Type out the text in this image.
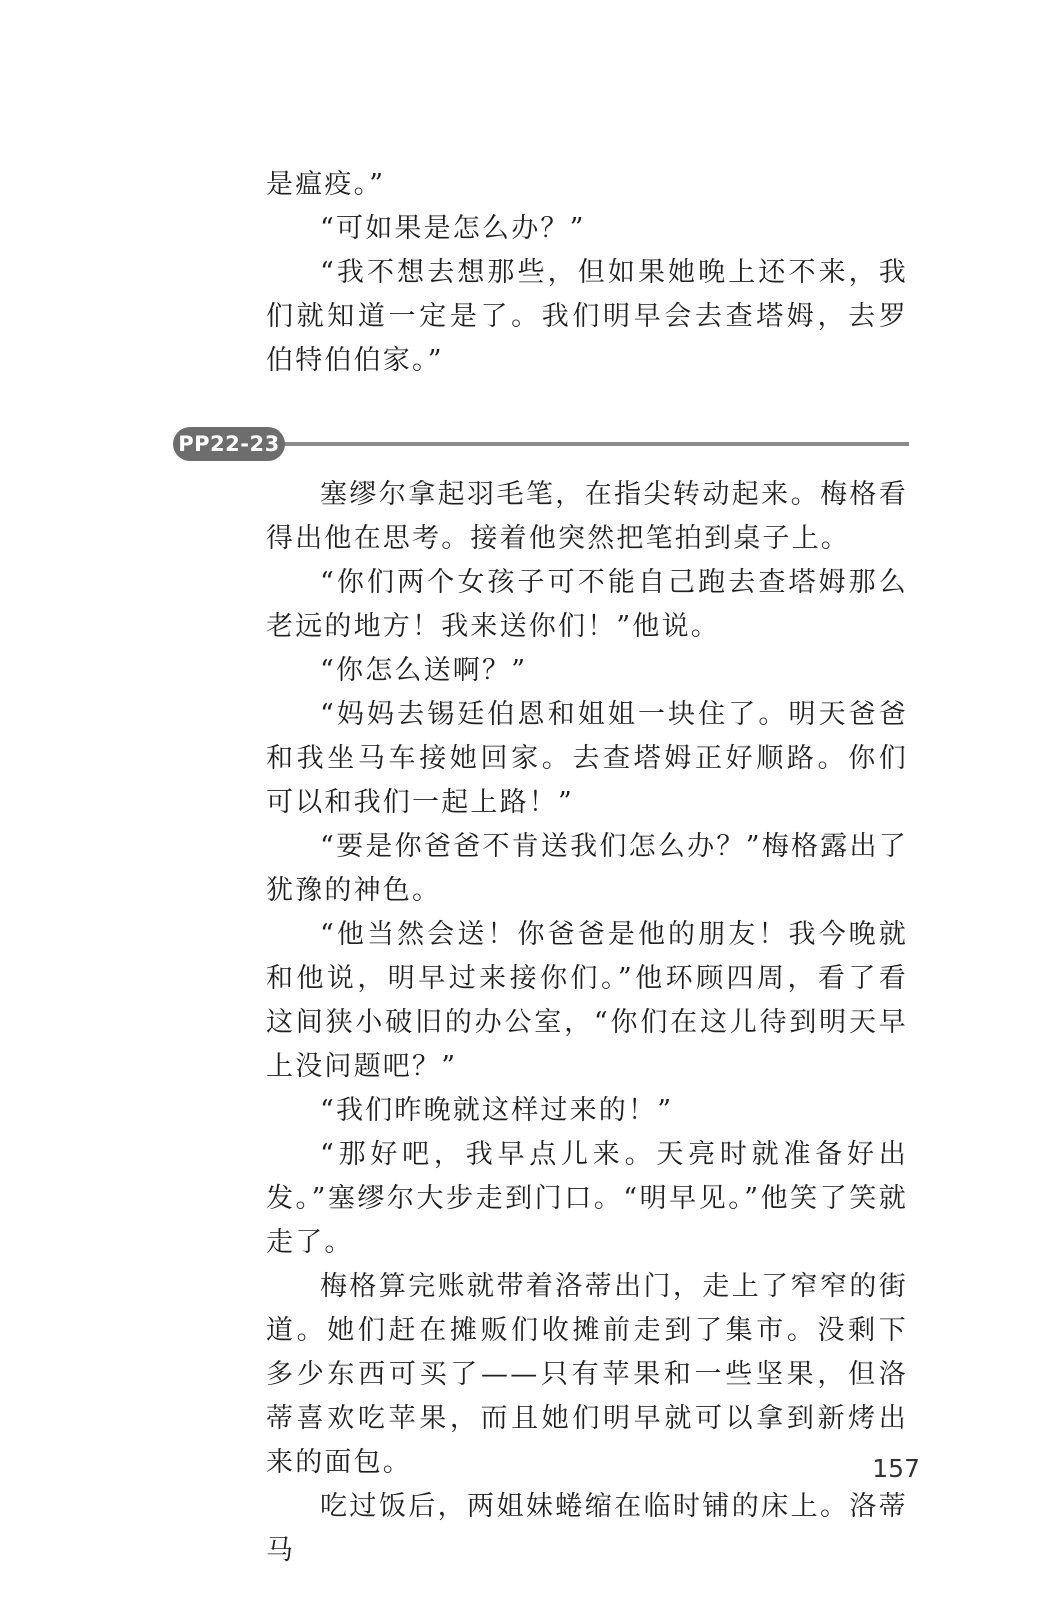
是瘟疫。”

“可如果是怎么办？”

“我不想去想那些，但如果她晚上还不来，我们就知道一定是了。我们明早会去查塔姆，去罗伯特伯伯家。”

PP22-23

塞缪尔拿起羽毛笔，在指尖转动起来。梅格看得出他在思考。接着他突然把笔拍到桌子上。

“你们两个女孩子可不能自己跑去查塔姆那么老远的地方！我来送你们！”他说。

“你怎么送啊？”

“妈妈去锡廷伯恩和姐姐一块住了。明天爸爸和我坐马车接她回家。去查塔姆正好顺路。你们可以和我们一起上路！”

“要是你爸爸不肯送我们怎么办？”梅格露出了犹豫的神色。

“他当然会送！你爸爸是他的朋友！我今晚就和他说，明早过来接你们。”他环顾四周，看了看这间狭小破旧的办公室，“你们在这儿待到明天早上没问题吧？”

“我们昨晚就这样过来的！”

“那好吧，我早点儿来。天亮时就准备好出发。”塞缪尔大步走到门口。“明早见。”他笑了笑就走了。

梅格算完账就带着洛蒂出门，走上了窄窄的街道。她们赶在摊贩们收摊前走到了集市。没剩下多少东西可买了——只有苹果和一些坚果，但洛蒂喜欢吃苹果，而且她们明早就可以拿到新烤出来的面包。

吃过饭后，两姐妹蜷缩在临时铺的床上。洛蒂马

157
